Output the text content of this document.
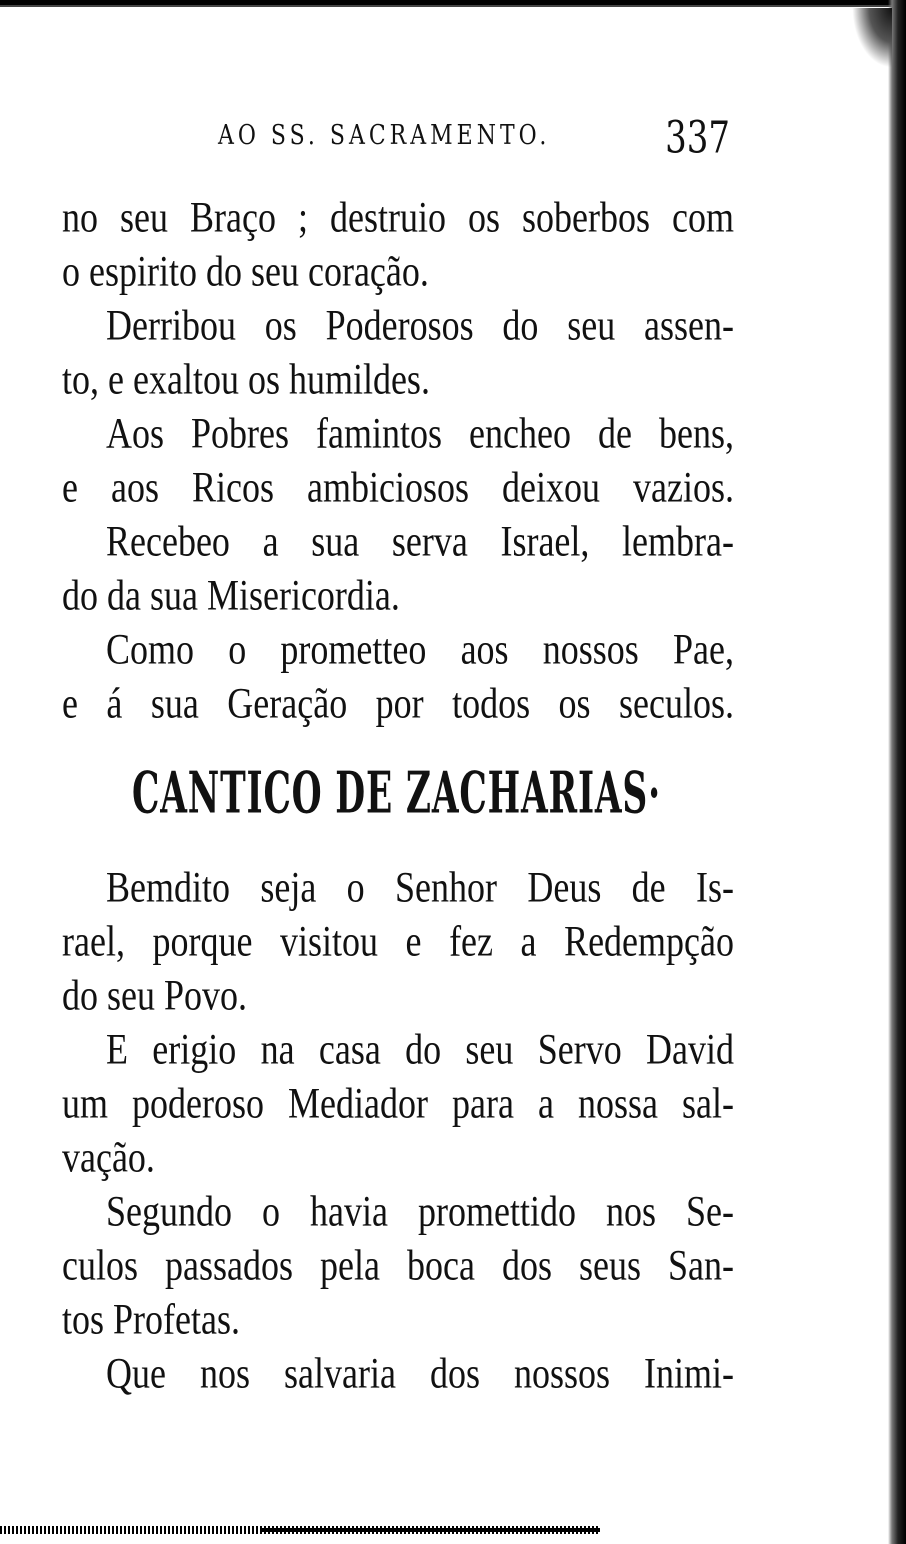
AO SS. SACRAMENTO.	337
no seu Braço ; destruio os soberbos com
o espirito do seu coração.
Derribou os Poderosos do seu assen-
to, e exaltou os humildes.
Aos Pobres famintos encheo de bens,
e aos Ricos ambiciosos deixou vazios.
Recebeo a sua serva Israel, lembra-
do da sua Misericordia.
Como o prometteo aos nossos Pae,
e á sua Geração por todos os seculos.
CANTICO DE ZACHARIAS·
Bemdito seja o Senhor Deus de Is-
rael, porque visitou e fez a Redempção
do seu Povo.
E erigio na casa do seu Servo David
um poderoso Mediador para a nossa sal-
vação.
Segundo o havia promettido nos Se-
culos passados pela boca dos seus San-
tos Profetas.
Que nos salvaria dos nossos Inimi-
